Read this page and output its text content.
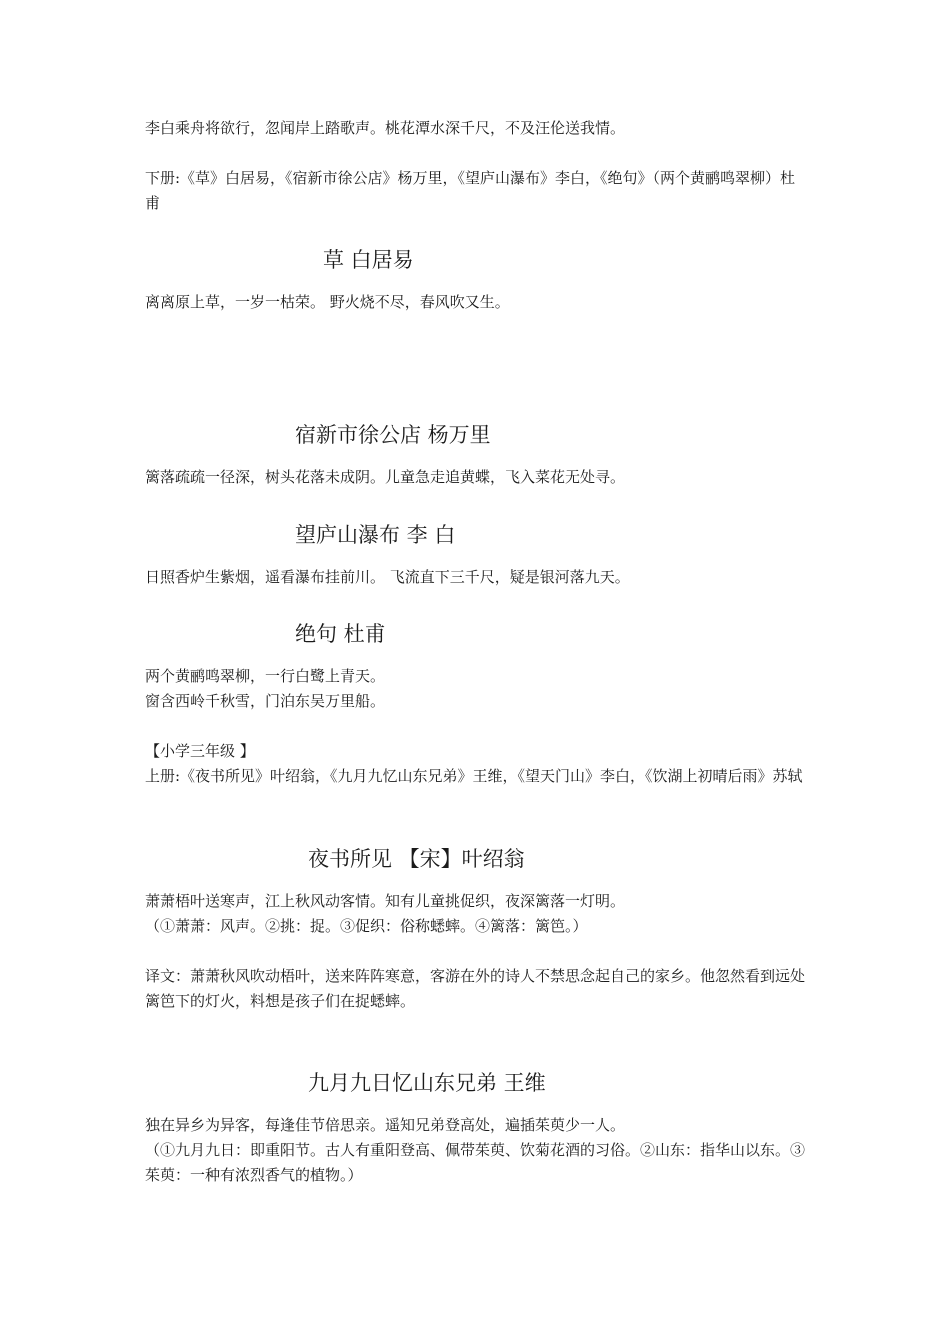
李白乘舟将欲行，忽闻岸上踏歌声。桃花潭水深千尺，不及汪伦送我情。

下册:《草》白居易，《宿新市徐公店》杨万里，《望庐山瀑布》李白，《绝句》（两个黄鹂鸣翠柳）杜甫

草 白居易

离离原上草，一岁一枯荣。 野火烧不尽，春风吹又生。

宿新市徐公店 杨万里

篱落疏疏一径深，树头花落未成阴。儿童急走追黄蝶，飞入菜花无处寻。

望庐山瀑布 李 白

日照香炉生紫烟，遥看瀑布挂前川。 飞流直下三千尺，疑是银河落九天。

绝句 杜甫

两个黄鹂鸣翠柳，一行白鹭上青天。

窗含西岭千秋雪，门泊东吴万里船。

【小学三年级 】

上册:《夜书所见》叶绍翁，《九月九忆山东兄弟》王维，《望天门山》李白，《饮湖上初晴后雨》苏轼

夜书所见 【宋】叶绍翁

萧萧梧叶送寒声，江上秋风动客情。知有儿童挑促织，夜深篱落一灯明。

（①萧萧：风声。②挑：捉。③促织：俗称蟋蟀。④篱落：篱笆。）

译文：萧萧秋风吹动梧叶，送来阵阵寒意，客游在外的诗人不禁思念起自己的家乡。他忽然看到远处篱笆下的灯火，料想是孩子们在捉蟋蟀。

九月九日忆山东兄弟 王维

独在异乡为异客，每逢佳节倍思亲。遥知兄弟登高处，遍插茱萸少一人。

（①九月九日：即重阳节。古人有重阳登高、佩带茱萸、饮菊花酒的习俗。②山东：指华山以东。③茱萸：一种有浓烈香气的植物。）
